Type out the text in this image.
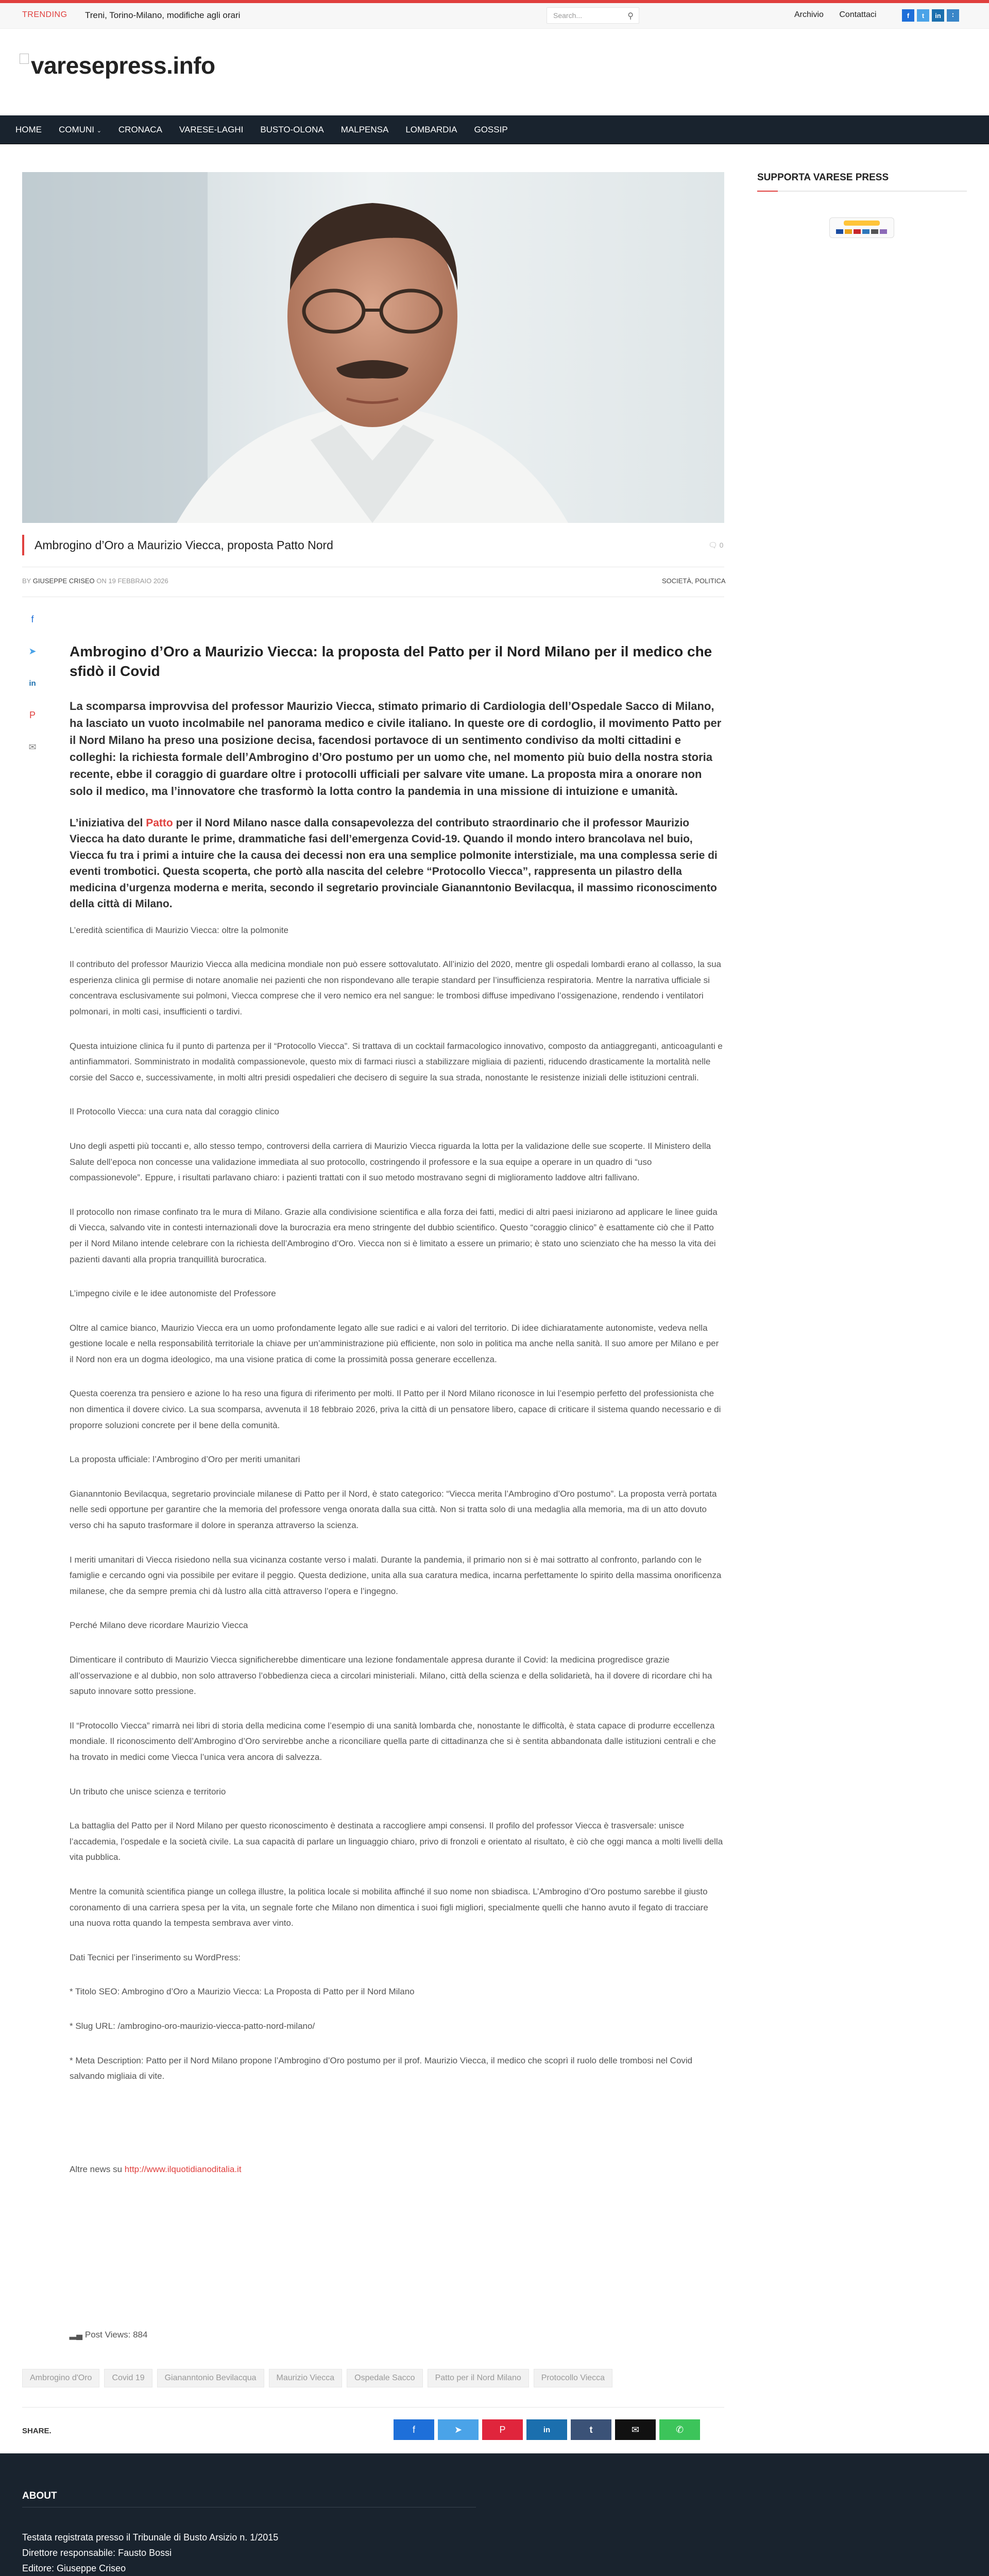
TRENDING Treni, Torino-Milano, modifiche agli orari	Search...	⚲	Archivio Contattaci	f	t	in	∶
varesepress.info
HOME	COMUNI ⌄	CRONACA	VARESE-LAGHI	BUSTO-OLONA	MALPENSA	LOMBARDIA	GOSSIP
Ambrogino d’Oro a Maurizio Viecca, proposta Patto Nord	🗨 0
BY GIUSEPPE CRISEO ON 19 FEBBRAIO 2026	SOCIETÀ, POLITICA
f
➤
in
P
✉
Ambrogino d’Oro a Maurizio Viecca: la proposta del Patto per il Nord Milano per il medico che sfidò il Covid
La scomparsa improvvisa del professor Maurizio Viecca, stimato primario di Cardiologia dell’Ospedale Sacco di Milano, ha lasciato un vuoto incolmabile nel panorama medico e civile italiano. In queste ore di cordoglio, il movimento Patto per il Nord Milano ha preso una posizione decisa, facendosi portavoce di un sentimento condiviso da molti cittadini e colleghi: la richiesta formale dell’Ambrogino d’Oro postumo per un uomo che, nel momento più buio della nostra storia recente, ebbe il coraggio di guardare oltre i protocolli ufficiali per salvare vite umane. La proposta mira a onorare non solo il medico, ma l’innovatore che trasformò la lotta contro la pandemia in una missione di intuizione e umanità.
L’iniziativa del Patto per il Nord Milano nasce dalla consapevolezza del contributo straordinario che il professor Maurizio Viecca ha dato durante le prime, drammatiche fasi dell’emergenza Covid-19. Quando il mondo intero brancolava nel buio, Viecca fu tra i primi a intuire che la causa dei decessi non era una semplice polmonite interstiziale, ma una complessa serie di eventi trombotici. Questa scoperta, che portò alla nascita del celebre “Protocollo Viecca”, rappresenta un pilastro della medicina d’urgenza moderna e merita, secondo il segretario provinciale Giananntonio Bevilacqua, il massimo riconoscimento della città di Milano.

L’eredità scientifica di Maurizio Viecca: oltre la polmonite

Il contributo del professor Maurizio Viecca alla medicina mondiale non può essere sottovalutato. All’inizio del 2020, mentre gli ospedali lombardi erano al collasso, la sua esperienza clinica gli permise di notare anomalie nei pazienti che non rispondevano alle terapie standard per l’insufficienza respiratoria. Mentre la narrativa ufficiale si concentrava esclusivamente sui polmoni, Viecca comprese che il vero nemico era nel sangue: le trombosi diffuse impedivano l’ossigenazione, rendendo i ventilatori polmonari, in molti casi, insufficienti o tardivi.

Questa intuizione clinica fu il punto di partenza per il “Protocollo Viecca”. Si trattava di un cocktail farmacologico innovativo, composto da antiaggreganti, anticoagulanti e antinfiammatori. Somministrato in modalità compassionevole, questo mix di farmaci riuscì a stabilizzare migliaia di pazienti, riducendo drasticamente la mortalità nelle corsie del Sacco e, successivamente, in molti altri presidi ospedalieri che decisero di seguire la sua strada, nonostante le resistenze iniziali delle istituzioni centrali.

Il Protocollo Viecca: una cura nata dal coraggio clinico

Uno degli aspetti più toccanti e, allo stesso tempo, controversi della carriera di Maurizio Viecca riguarda la lotta per la validazione delle sue scoperte. Il Ministero della Salute dell’epoca non concesse una validazione immediata al suo protocollo, costringendo il professore e la sua equipe a operare in un quadro di “uso compassionevole”. Eppure, i risultati parlavano chiaro: i pazienti trattati con il suo metodo mostravano segni di miglioramento laddove altri fallivano.

Il protocollo non rimase confinato tra le mura di Milano. Grazie alla condivisione scientifica e alla forza dei fatti, medici di altri paesi iniziarono ad applicare le linee guida di Viecca, salvando vite in contesti internazionali dove la burocrazia era meno stringente del dubbio scientifico. Questo “coraggio clinico” è esattamente ciò che il Patto per il Nord Milano intende celebrare con la richiesta dell’Ambrogino d’Oro. Viecca non si è limitato a essere un primario; è stato uno scienziato che ha messo la vita dei pazienti davanti alla propria tranquillità burocratica.

L’impegno civile e le idee autonomiste del Professore

Oltre al camice bianco, Maurizio Viecca era un uomo profondamente legato alle sue radici e ai valori del territorio. Di idee dichiaratamente autonomiste, vedeva nella gestione locale e nella responsabilità territoriale la chiave per un’amministrazione più efficiente, non solo in politica ma anche nella sanità. Il suo amore per Milano e per il Nord non era un dogma ideologico, ma una visione pratica di come la prossimità possa generare eccellenza.

Questa coerenza tra pensiero e azione lo ha reso una figura di riferimento per molti. Il Patto per il Nord Milano riconosce in lui l’esempio perfetto del professionista che non dimentica il dovere civico. La sua scomparsa, avvenuta il 18 febbraio 2026, priva la città di un pensatore libero, capace di criticare il sistema quando necessario e di proporre soluzioni concrete per il bene della comunità.

La proposta ufficiale: l’Ambrogino d’Oro per meriti umanitari

Giananntonio Bevilacqua, segretario provinciale milanese di Patto per il Nord, è stato categorico: “Viecca merita l’Ambrogino d’Oro postumo”. La proposta verrà portata nelle sedi opportune per garantire che la memoria del professore venga onorata dalla sua città. Non si tratta solo di una medaglia alla memoria, ma di un atto dovuto verso chi ha saputo trasformare il dolore in speranza attraverso la scienza.

I meriti umanitari di Viecca risiedono nella sua vicinanza costante verso i malati. Durante la pandemia, il primario non si è mai sottratto al confronto, parlando con le famiglie e cercando ogni via possibile per evitare il peggio. Questa dedizione, unita alla sua caratura medica, incarna perfettamente lo spirito della massima onorificenza milanese, che da sempre premia chi dà lustro alla città attraverso l’opera e l’ingegno.

Perché Milano deve ricordare Maurizio Viecca

Dimenticare il contributo di Maurizio Viecca significherebbe dimenticare una lezione fondamentale appresa durante il Covid: la medicina progredisce grazie all’osservazione e al dubbio, non solo attraverso l’obbedienza cieca a circolari ministeriali. Milano, città della scienza e della solidarietà, ha il dovere di ricordare chi ha saputo innovare sotto pressione.

Il “Protocollo Viecca” rimarrà nei libri di storia della medicina come l’esempio di una sanità lombarda che, nonostante le difficoltà, è stata capace di produrre eccellenza mondiale. Il riconoscimento dell’Ambrogino d’Oro servirebbe anche a riconciliare quella parte di cittadinanza che si è sentita abbandonata dalle istituzioni centrali e che ha trovato in medici come Viecca l’unica vera ancora di salvezza.

Un tributo che unisce scienza e territorio

La battaglia del Patto per il Nord Milano per questo riconoscimento è destinata a raccogliere ampi consensi. Il profilo del professor Viecca è trasversale: unisce l’accademia, l’ospedale e la società civile. La sua capacità di parlare un linguaggio chiaro, privo di fronzoli e orientato al risultato, è ciò che oggi manca a molti livelli della vita pubblica.

Mentre la comunità scientifica piange un collega illustre, la politica locale si mobilita affinché il suo nome non sbiadisca. L’Ambrogino d’Oro postumo sarebbe il giusto coronamento di una carriera spesa per la vita, un segnale forte che Milano non dimentica i suoi figli migliori, specialmente quelli che hanno avuto il fegato di tracciare una nuova rotta quando la tempesta sembrava aver vinto.

Dati Tecnici per l’inserimento su WordPress:

* Titolo SEO: Ambrogino d’Oro a Maurizio Viecca: La Proposta di Patto per il Nord Milano

* Slug URL: /ambrogino-oro-maurizio-viecca-patto-nord-milano/

* Meta Description: Patto per il Nord Milano propone l’Ambrogino d’Oro postumo per il prof. Maurizio Viecca, il medico che scoprì il ruolo delle trombosi nel Covid salvando migliaia di vite.

Altre news su http://www.ilquotidianoditalia.it

▂▄ Post Views: 884
Ambrogino d'Oro	Covid 19	Giananntonio Bevilacqua	Maurizio Viecca	Ospedale Sacco	Patto per il Nord Milano	Protocollo Viecca
SHARE.	f	➤	P	in	t	✉	✆
SUPPORTA VARESE PRESS
ABOUT
Testata registrata presso il Tribunale di Busto Arsizio n. 1/2015
Direttore responsabile: Fausto Bossi
Editore: Giuseppe Criseo
